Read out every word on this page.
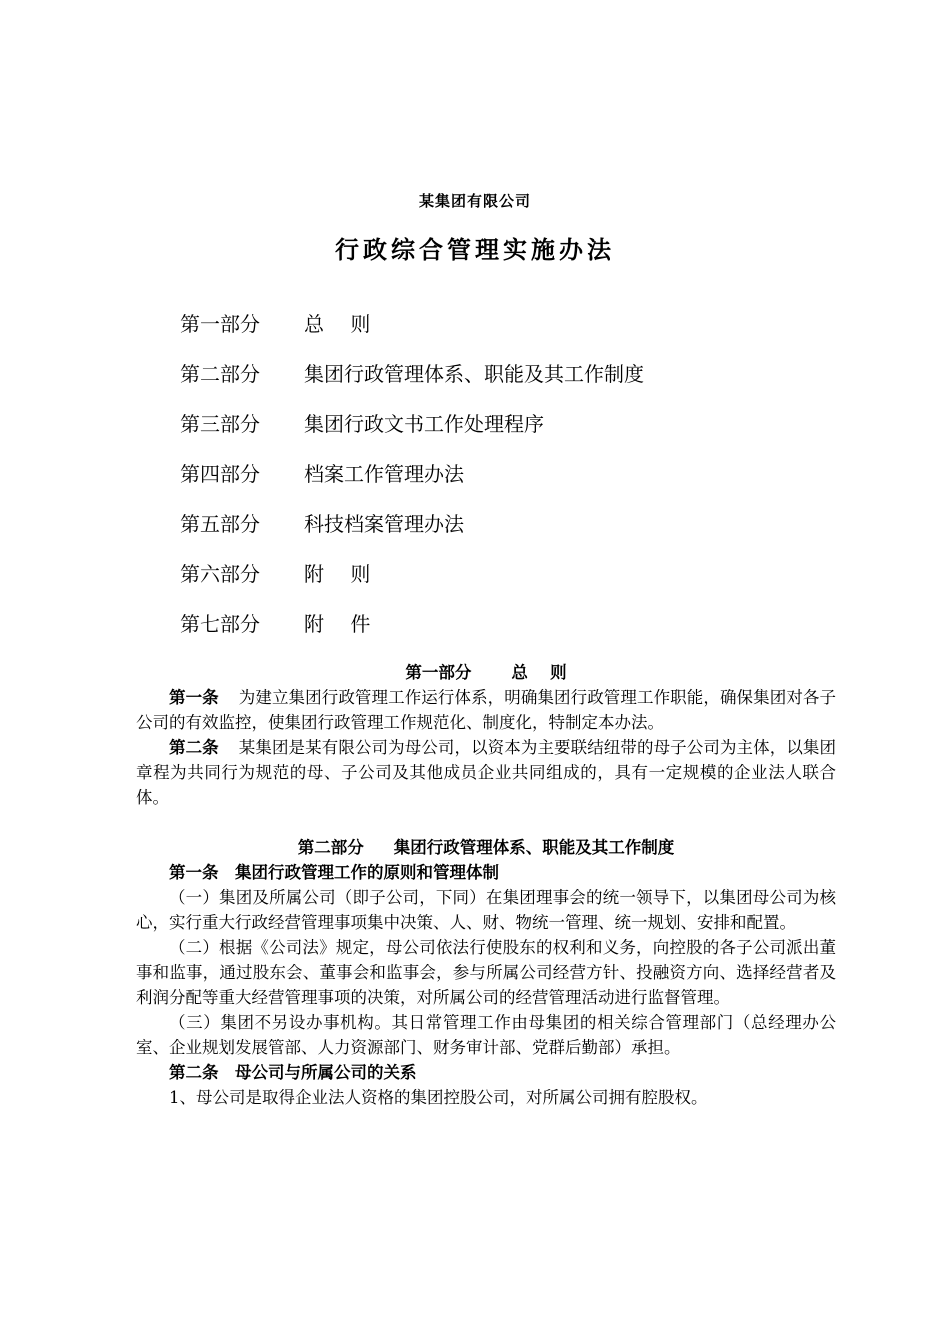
某集团有限公司
行政综合管理实施办法
第一部分 总　 则
第二部分 集团行政管理体系、职能及其工作制度
第三部分 集团行政文书工作处理程序
第四部分 档案工作管理办法
第五部分 科技档案管理办法
第六部分 附　 则
第七部分 附　 件

第一部分 总　 则

第一条 为建立集团行政管理工作运行体系，明确集团行政管理工作职能，确保集团对各子公司的有效监控，使集团行政管理工作规范化、制度化，特制定本办法。

第二条 某集团是某有限公司为母公司，以资本为主要联结纽带的母子公司为主体，以集团章程为共同行为规范的母、子公司及其他成员企业共同组成的，具有一定规模的企业法人联合体。

第二部分 集团行政管理体系、职能及其工作制度

第一条　集团行政管理工作的原则和管理体制

（一）集团及所属公司（即子公司，下同）在集团理事会的统一领导下，以集团母公司为核心，实行重大行政经营管理事项集中决策、人、财、物统一管理、统一规划、安排和配置。

（二）根据《公司法》规定，母公司依法行使股东的权利和义务，向控股的各子公司派出董事和监事，通过股东会、董事会和监事会，参与所属公司经营方针、投融资方向、选择经营者及利润分配等重大经营管理事项的决策，对所属公司的经营管理活动进行监督管理。

（三）集团不另设办事机构。其日常管理工作由母集团的相关综合管理部门（总经理办公室、企业规划发展管部、人力资源部门、财务审计部、党群后勤部）承担。

第二条　母公司与所属公司的关系

1、母公司是取得企业法人资格的集团控股公司，对所属公司拥有腔股权。
